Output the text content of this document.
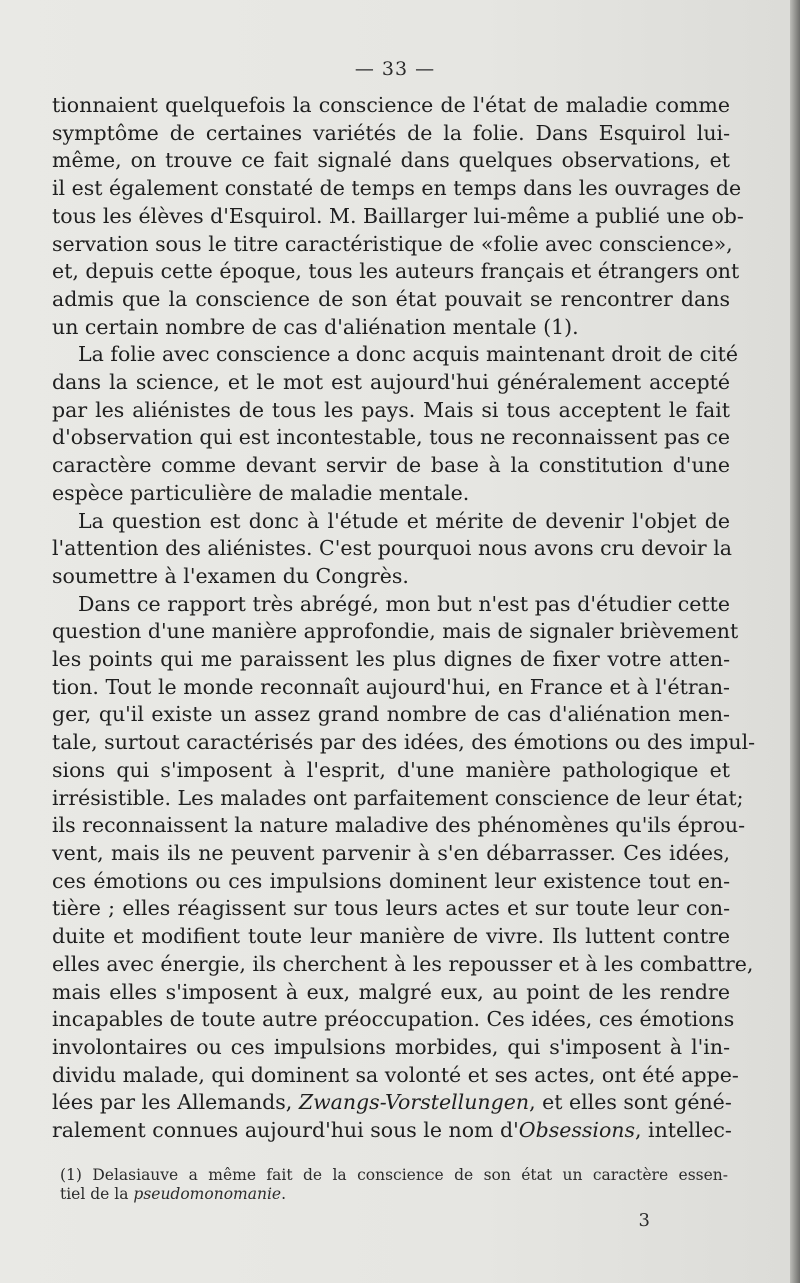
— 33 —
tionnaient quelquefois la conscience de l'état de maladie comme
symptôme de certaines variétés de la folie. Dans Esquirol lui-
même, on trouve ce fait signalé dans quelques observations, et
il est également constaté de temps en temps dans les ouvrages de
tous les élèves d'Esquirol. M. Baillarger lui-même a publié une ob-
servation sous le titre caractéristique de «folie avec conscience»,
et, depuis cette époque, tous les auteurs français et étrangers ont
admis que la conscience de son état pouvait se rencontrer dans
un certain nombre de cas d'aliénation mentale (1).
La folie avec conscience a donc acquis maintenant droit de cité
dans la science, et le mot est aujourd'hui généralement accepté
par les aliénistes de tous les pays. Mais si tous acceptent le fait
d'observation qui est incontestable, tous ne reconnaissent pas ce
caractère comme devant servir de base à la constitution d'une
espèce particulière de maladie mentale.
La question est donc à l'étude et mérite de devenir l'objet de
l'attention des aliénistes. C'est pourquoi nous avons cru devoir la
soumettre à l'examen du Congrès.
Dans ce rapport très abrégé, mon but n'est pas d'étudier cette
question d'une manière approfondie, mais de signaler brièvement
les points qui me paraissent les plus dignes de fixer votre atten-
tion. Tout le monde reconnaît aujourd'hui, en France et à l'étran-
ger, qu'il existe un assez grand nombre de cas d'aliénation men-
tale, surtout caractérisés par des idées, des émotions ou des impul-
sions qui s'imposent à l'esprit, d'une manière pathologique et
irrésistible. Les malades ont parfaitement conscience de leur état;
ils reconnaissent la nature maladive des phénomènes qu'ils éprou-
vent, mais ils ne peuvent parvenir à s'en débarrasser. Ces idées,
ces émotions ou ces impulsions dominent leur existence tout en-
tière ; elles réagissent sur tous leurs actes et sur toute leur con-
duite et modifient toute leur manière de vivre. Ils luttent contre
elles avec énergie, ils cherchent à les repousser et à les combattre,
mais elles s'imposent à eux, malgré eux, au point de les rendre
incapables de toute autre préoccupation. Ces idées, ces émotions
involontaires ou ces impulsions morbides, qui s'imposent à l'in-
dividu malade, qui dominent sa volonté et ses actes, ont été appe-
lées par les Allemands, Zwangs-Vorstellungen, et elles sont géné-
ralement connues aujourd'hui sous le nom d'Obsessions, intellec-
(1) Delasiauve a même fait de la conscience de son état un caractère essen-
tiel de la pseudomonomanie.
3
